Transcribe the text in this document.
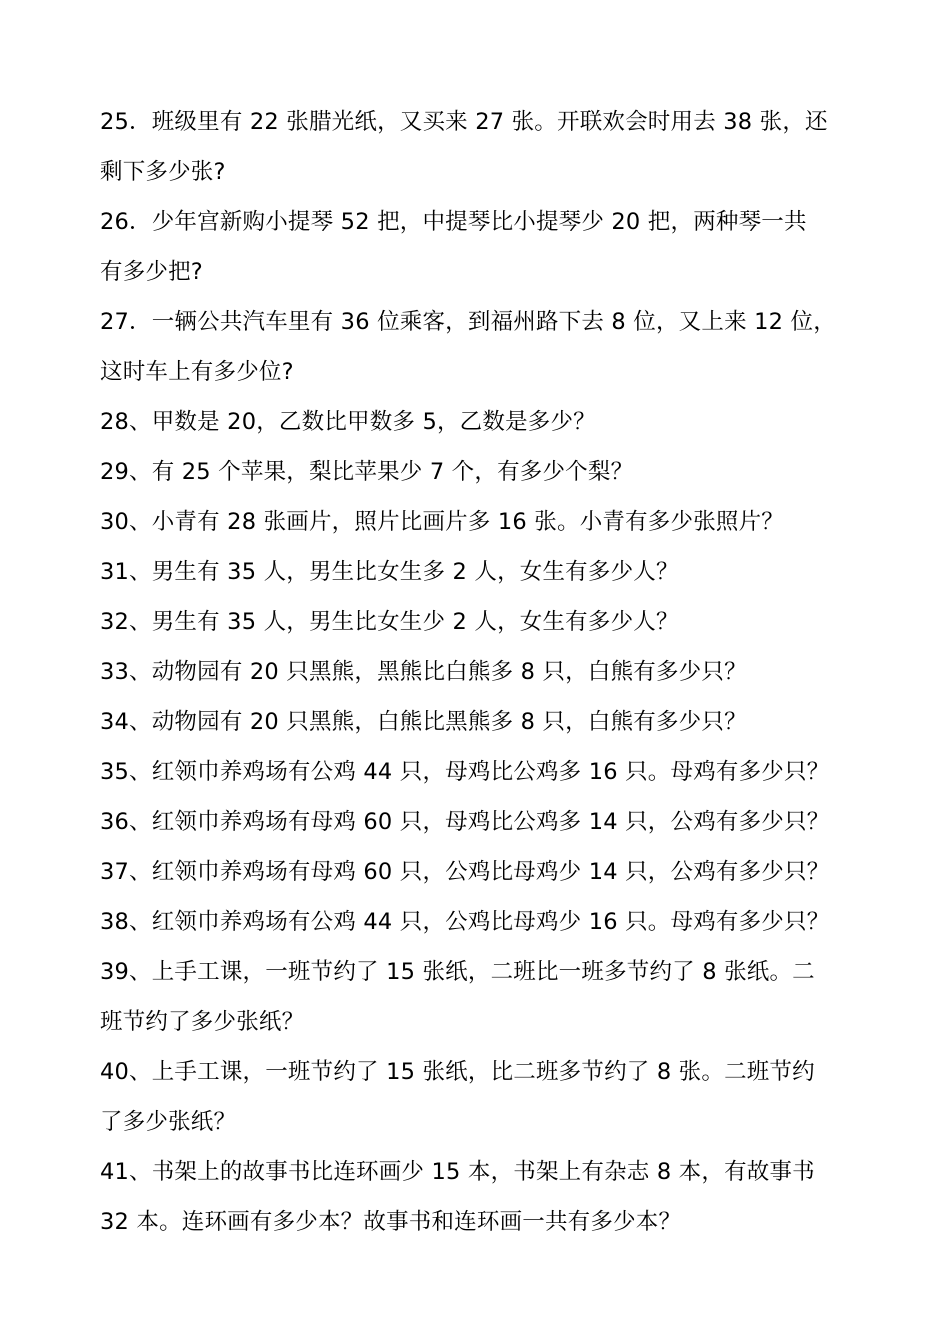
25．班级里有 22 张腊光纸，又买来 27 张。开联欢会时用去 38 张，还
剩下多少张?
26．少年宫新购小提琴 52 把，中提琴比小提琴少 20 把，两种琴一共
有多少把?
27．一辆公共汽车里有 36 位乘客，到福州路下去 8 位，又上来 12 位，
这时车上有多少位?
28、甲数是 20，乙数比甲数多 5，乙数是多少？
29、有 25 个苹果，梨比苹果少 7 个，有多少个梨？
30、小青有 28 张画片，照片比画片多 16 张。小青有多少张照片？
31、男生有 35 人，男生比女生多 2 人，女生有多少人？
32、男生有 35 人，男生比女生少 2 人，女生有多少人？
33、动物园有 20 只黑熊，黑熊比白熊多 8 只，白熊有多少只？
34、动物园有 20 只黑熊，白熊比黑熊多 8 只，白熊有多少只？
35、红领巾养鸡场有公鸡 44 只，母鸡比公鸡多 16 只。母鸡有多少只？
36、红领巾养鸡场有母鸡 60 只，母鸡比公鸡多 14 只，公鸡有多少只？
37、红领巾养鸡场有母鸡 60 只，公鸡比母鸡少 14 只，公鸡有多少只？
38、红领巾养鸡场有公鸡 44 只，公鸡比母鸡少 16 只。母鸡有多少只？
39、上手工课，一班节约了 15 张纸，二班比一班多节约了 8 张纸。二
班节约了多少张纸？
40、上手工课，一班节约了 15 张纸，比二班多节约了 8 张。二班节约
了多少张纸？
41、书架上的故事书比连环画少 15 本，书架上有杂志 8 本，有故事书
32 本。连环画有多少本？故事书和连环画一共有多少本？
